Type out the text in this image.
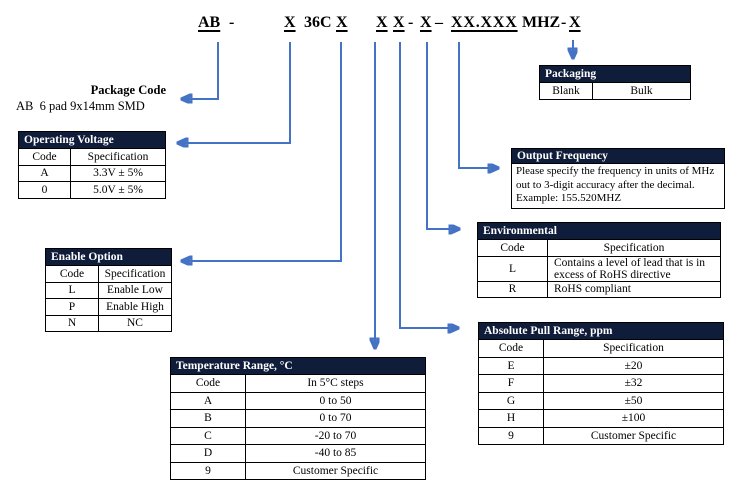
AB -	X 36C X X X - X – XX.XXX MHZ - X
Package Code
AB  6 pad 9x14mm SMD
Operating Voltage	
Code	Specification
A	3.3V ± 5%
0	5.0V ± 5%
Enable Option	
Code	Specification
L	Enable Low
P	Enable High
N	NC
Temperature Range, °C	
Code	In 5°C steps
A	0 to 50
B	0 to 70
C	-20 to 70
D	-40 to 85
9	Customer Specific
Absolute Pull Range, ppm	
Code	Specification
E	±20
F	±32
G	±50
H	±100
9	Customer Specific
Environmental	
Code	Specification
L	Contains a level of lead that is in excess of RoHS directive
R	RoHS compliant
Packaging
Blank	Bulk
Output Frequency
Please specify the frequency in units of MHz
out to 3-digit accuracy after the decimal.
Example: 155.520MHZ
